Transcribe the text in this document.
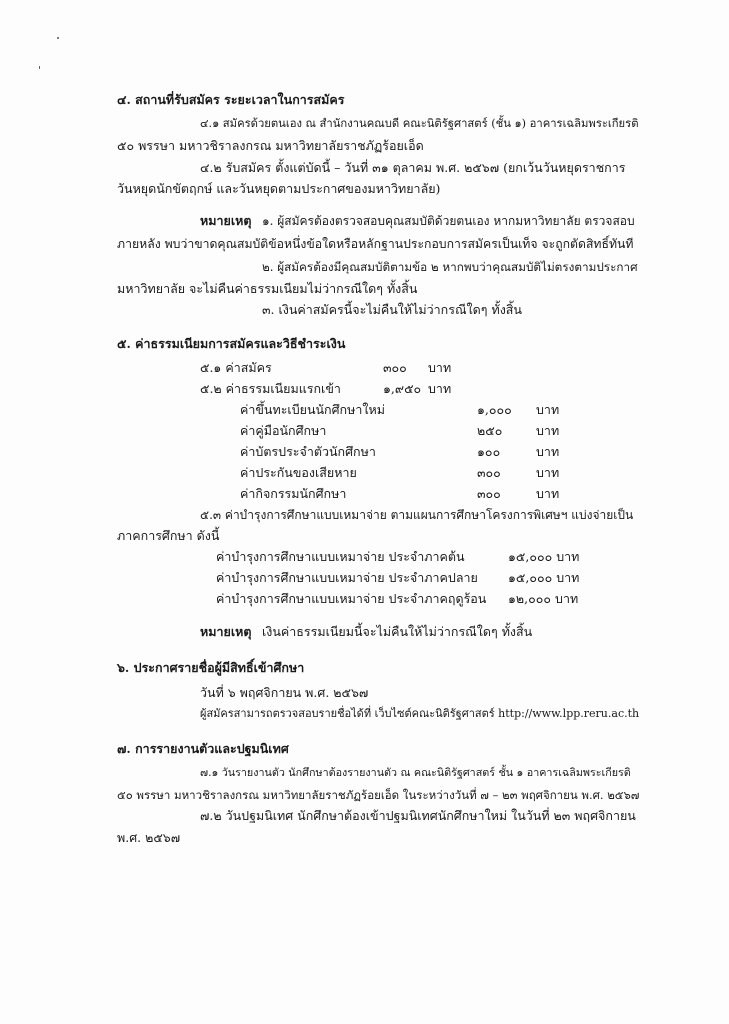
๔. สถานที่รับสมัคร ระยะเวลาในการสมัคร
๔.๑ สมัครด้วยตนเอง ณ สำนักงานคณบดี คณะนิติรัฐศาสตร์ (ชั้น ๑) อาคารเฉลิมพระเกียรติ
๕๐ พรรษา มหาวชิราลงกรณ มหาวิทยาลัยราชภัฏร้อยเอ็ด
๔.๒ รับสมัคร ตั้งแต่บัดนี้ – วันที่ ๓๑ ตุลาคม พ.ศ. ๒๕๖๗ (ยกเว้นวันหยุดราชการ
วันหยุดนักขัตฤกษ์ และวันหยุดตามประกาศของมหาวิทยาลัย)
หมายเหตุ ๑. ผู้สมัครต้องตรวจสอบคุณสมบัติด้วยตนเอง หากมหาวิทยาลัย ตรวจสอบ
ภายหลัง พบว่าขาดคุณสมบัติข้อหนึ่งข้อใดหรือหลักฐานประกอบการสมัครเป็นเท็จ จะถูกตัดสิทธิ์ทันที
๒. ผู้สมัครต้องมีคุณสมบัติตามข้อ ๒ หากพบว่าคุณสมบัติไม่ตรงตามประกาศ
มหาวิทยาลัย จะไม่คืนค่าธรรมเนียมไม่ว่ากรณีใดๆ ทั้งสิ้น
๓. เงินค่าสมัครนี้จะไม่คืนให้ไม่ว่ากรณีใดๆ ทั้งสิ้น
๕. ค่าธรรมเนียมการสมัครและวิธีชำระเงิน
๕.๑ ค่าสมัคร	๓๐๐ บาท
๕.๒ ค่าธรรมเนียมแรกเข้า	๑,๙๕๐ บาท
ค่าขึ้นทะเบียนนักศึกษาใหม่	๑,๐๐๐ บาท
ค่าคู่มือนักศึกษา	๒๕๐	บาท
ค่าบัตรประจำตัวนักศึกษา	๑๐๐	บาท
ค่าประกันของเสียหาย	๓๐๐	บาท
ค่ากิจกรรมนักศึกษา	๓๐๐	บาท
๕.๓ ค่าบำรุงการศึกษาแบบเหมาจ่าย ตามแผนการศึกษาโครงการพิเศษฯ แบ่งจ่ายเป็น
ภาคการศึกษา ดังนี้
ค่าบำรุงการศึกษาแบบเหมาจ่าย ประจำภาคต้น	๑๕,๐๐๐ บาท
ค่าบำรุงการศึกษาแบบเหมาจ่าย ประจำภาคปลาย ๑๕,๐๐๐ บาท
ค่าบำรุงการศึกษาแบบเหมาจ่าย ประจำภาคฤดูร้อน ๑๒,๐๐๐ บาท
หมายเหตุ เงินค่าธรรมเนียมนี้จะไม่คืนให้ไม่ว่ากรณีใดๆ ทั้งสิ้น
๖. ประกาศรายชื่อผู้มีสิทธิ์เข้าศึกษา
วันที่ ๖ พฤศจิกายน พ.ศ. ๒๕๖๗
ผู้สมัครสามารถตรวจสอบรายชื่อได้ที่ เว็บไซต์คณะนิติรัฐศาสตร์ http://www.lpp.reru.ac.th
๗. การรายงานตัวและปฐมนิเทศ
๗.๑ วันรายงานตัว นักศึกษาต้องรายงานตัว ณ คณะนิติรัฐศาสตร์ ชั้น ๑ อาคารเฉลิมพระเกียรติ
๕๐ พรรษา มหาวชิราลงกรณ มหาวิทยาลัยราชภัฏร้อยเอ็ด ในระหว่างวันที่ ๗ – ๒๓ พฤศจิกายน พ.ศ. ๒๕๖๗
๗.๒ วันปฐมนิเทศ นักศึกษาต้องเข้าปฐมนิเทศนักศึกษาใหม่ ในวันที่ ๒๓ พฤศจิกายน
พ.ศ. ๒๕๖๗
